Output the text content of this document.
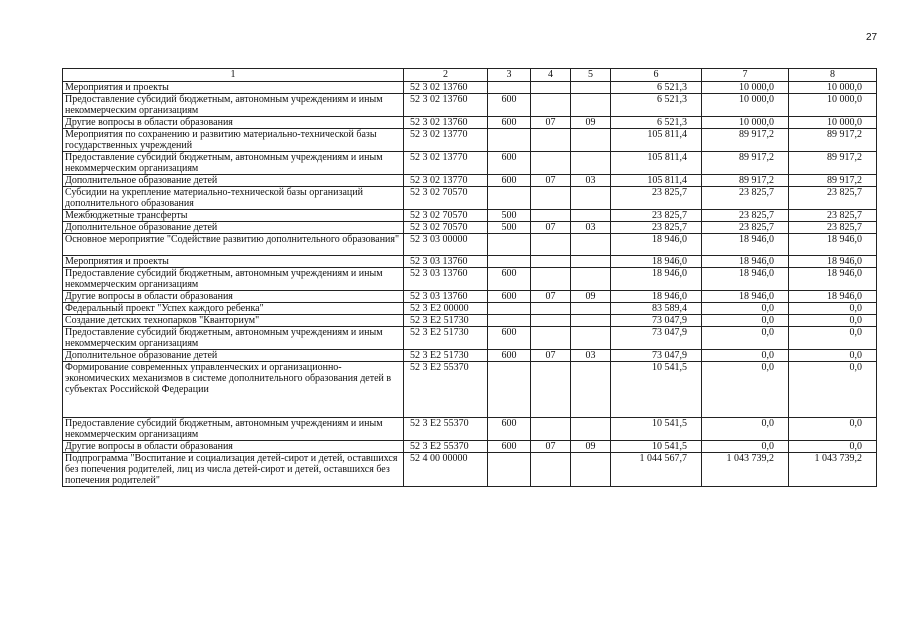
27
1	2	3	4	5	6	7	8
Мероприятия и проекты	52 3 02 13760				6 521,3	10 000,0	10 000,0
Предоставление субсидий бюджетным, автономным учреждениям и иным некоммерческим организациям	52 3 02 13760	600			6 521,3	10 000,0	10 000,0
Другие вопросы в области образования	52 3 02 13760	600	07	09	6 521,3	10 000,0	10 000,0
Мероприятия по сохранению и развитию материально-технической базы государственных учреждений	52 3 02 13770				105 811,4	89 917,2	89 917,2
Предоставление субсидий бюджетным, автономным учреждениям и иным некоммерческим организациям	52 3 02 13770	600			105 811,4	89 917,2	89 917,2
Дополнительное образование детей	52 3 02 13770	600	07	03	105 811,4	89 917,2	89 917,2
Субсидии на укрепление материально-технической базы организаций дополнительного образования	52 3 02 70570				23 825,7	23 825,7	23 825,7
Межбюджетные трансферты	52 3 02 70570	500			23 825,7	23 825,7	23 825,7
Дополнительное образование детей	52 3 02 70570	500	07	03	23 825,7	23 825,7	23 825,7
Основное мероприятие "Содействие развитию дополнительного образования"	52 3 03 00000				18 946,0	18 946,0	18 946,0
Мероприятия и проекты	52 3 03 13760				18 946,0	18 946,0	18 946,0
Предоставление субсидий бюджетным, автономным учреждениям и иным некоммерческим организациям	52 3 03 13760	600			18 946,0	18 946,0	18 946,0
Другие вопросы в области образования	52 3 03 13760	600	07	09	18 946,0	18 946,0	18 946,0
Федеральный проект "Успех каждого ребенка"	52 3 E2 00000				83 589,4	0,0	0,0
Создание детских технопарков "Кванториум"	52 3 E2 51730				73 047,9	0,0	0,0
Предоставление субсидий бюджетным, автономным учреждениям и иным некоммерческим организациям	52 3 E2 51730	600			73 047,9	0,0	0,0
Дополнительное образование детей	52 3 E2 51730	600	07	03	73 047,9	0,0	0,0
Формирование современных управленческих и организационно-экономических механизмов в системе дополнительного образования детей в субъектах Российской Федерации	52 3 E2 55370				10 541,5	0,0	0,0
Предоставление субсидий бюджетным, автономным учреждениям и иным некоммерческим организациям	52 3 E2 55370	600			10 541,5	0,0	0,0
Другие вопросы в области образования	52 3 E2 55370	600	07	09	10 541,5	0,0	0,0
Подпрограмма "Воспитание и социализация детей-сирот и детей, оставшихся без попечения родителей, лиц из числа детей-сирот и детей, оставшихся без попечения родителей"	52 4 00 00000				1 044 567,7	1 043 739,2	1 043 739,2
